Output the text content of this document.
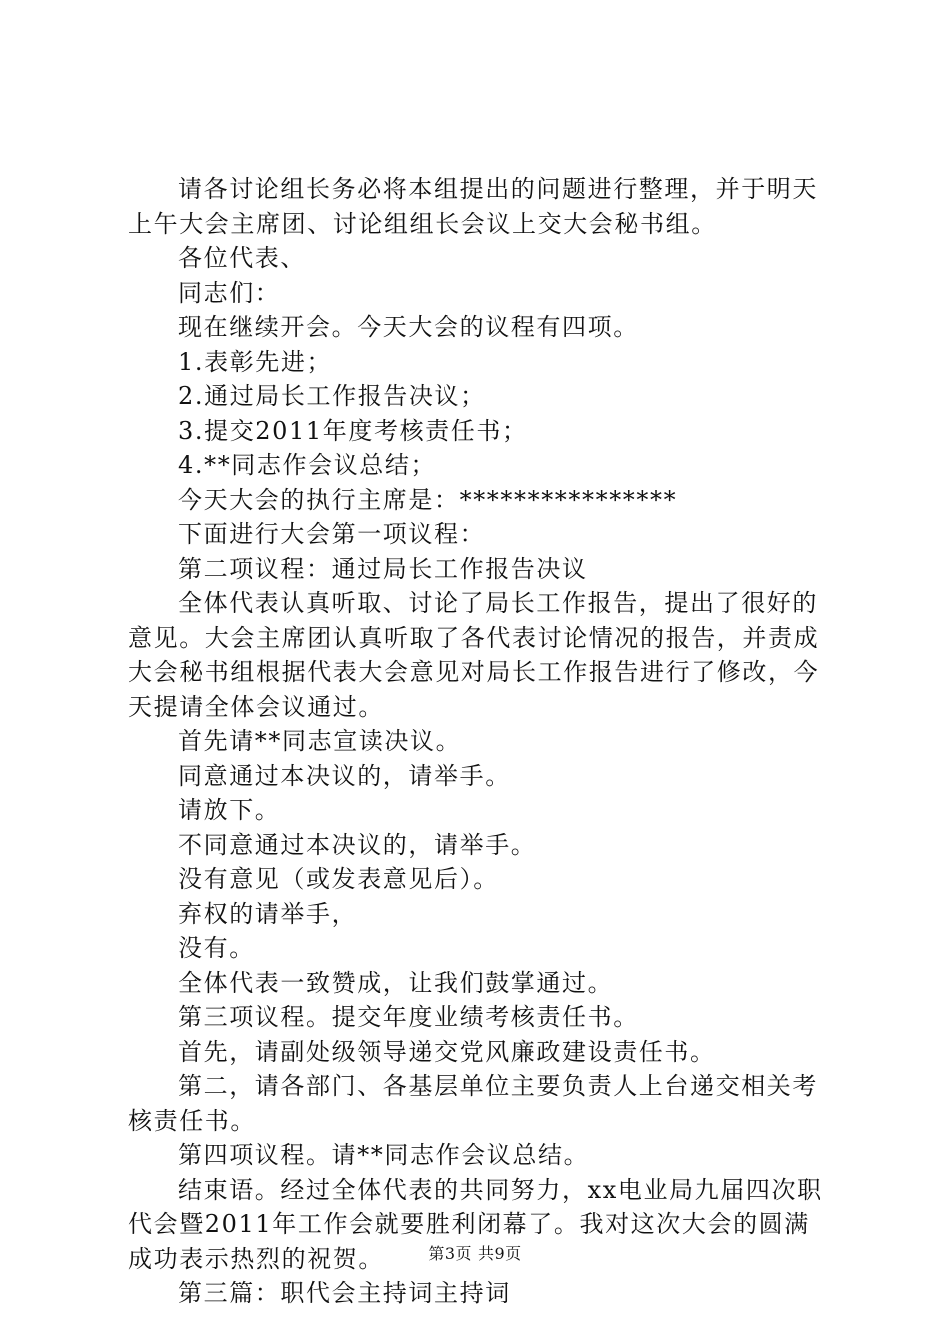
请各讨论组长务必将本组提出的问题进行整理，并于明天上午大会主席团、讨论组组长会议上交大会秘书组。

各位代表、

同志们：

现在继续开会。今天大会的议程有四项。

1.表彰先进；

2.通过局长工作报告决议；

3.提交2011年度考核责任书；

4.**同志作会议总结；

今天大会的执行主席是：****************

下面进行大会第一项议程：

第二项议程：通过局长工作报告决议

全体代表认真听取、讨论了局长工作报告，提出了很好的意见。大会主席团认真听取了各代表讨论情况的报告，并责成大会秘书组根据代表大会意见对局长工作报告进行了修改，今天提请全体会议通过。

首先请**同志宣读决议。

同意通过本决议的，请举手。

请放下。

不同意通过本决议的，请举手。

没有意见（或发表意见后）。

弃权的请举手，

没有。

全体代表一致赞成，让我们鼓掌通过。

第三项议程。提交年度业绩考核责任书。

首先，请副处级领导递交党风廉政建设责任书。

第二，请各部门、各基层单位主要负责人上台递交相关考核责任书。

第四项议程。请**同志作会议总结。

结束语。经过全体代表的共同努力，xx电业局九届四次职代会暨2011年工作会就要胜利闭幕了。我对这次大会的圆满成功表示热烈的祝贺。

第三篇：职代会主持词主持词

第3页 共9页
